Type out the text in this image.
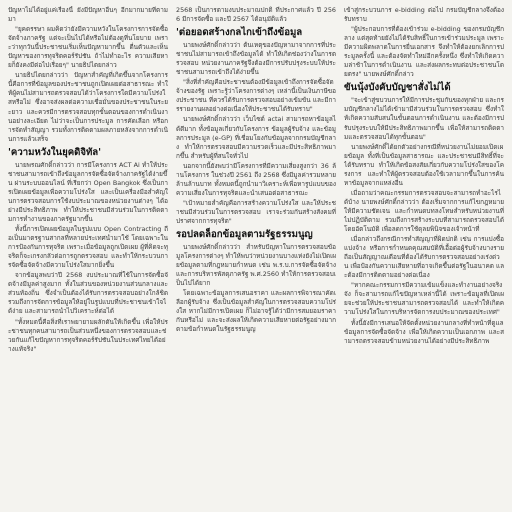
ปัญหาไม่ได้อยู่แค่เรื่องนี้ ยังมีปัญหาอื่นๆ อีกมากมายที่ตามมา

"ยุคดรรษา ผมคิดว่ายังมีความหวังในโครงการการจัดซื้อจัดจ้างภาครัฐ แต่จะเป็นไปได้หรือไม่ต้องดูที่นโยบาย เพราะว่าทุกวันนี้ประชาชนเริ่มเห็นปัญหามากขึ้น ตื่นตัวและเห็นปัญหาของการทุจริตคอร์รัปชัน ถ้าไม่ทำอะไร ความเสียหายก็ยังคงมีต่อไปเรื่อยๆ" นายธิปไตยกล่าว

นายธิปไตยกล่าวว่า ปัญหาสำคัญที่เกิดขึ้นจากโครงการนี้คือการที่ข้อมูลของประชาชนถูกเปิดเผยต่อสาธารณะ ทำให้ผู้คนไม่สามารถตรวจสอบได้ว่าโครงการใดมีความโปร่งใสหรือไม่ ซึ่งอาจส่งผลต่อความเชื่อมั่นของประชาชนในระยะยาว และควรมีการตรวจสอบทุกขั้นตอนของการดำเนินงานอย่างละเอียด ไม่ว่าจะเป็นการประมูล การคัดเลือก หรือการจัดทำสัญญา รวมทั้งการติดตามผลภายหลังจากการดำเนินการแล้วเสร็จ

'ความหวังในยุคดิจิทัล'

นายพรณศักดิ์กล่าวว่า การมีโครงการ ACT Ai ทำให้ประชาชนสามารถเข้าถึงข้อมูลการจัดซื้อจัดจ้างภาครัฐได้ง่ายขึ้น ผ่านระบบออนไลน์ ที่เรียกว่า Open Bangkok ซึ่งเป็นการเปิดเผยข้อมูลเพื่อความโปร่งใส และเป็นเครื่องมือสำคัญในการตรวจสอบการใช้งบประมาณของหน่วยงานต่างๆ ได้อย่างมีประสิทธิภาพ ทำให้ประชาชนมีส่วนร่วมในการติดตามการทำงานของภาครัฐมากขึ้น

ทั้งนี้การเปิดเผยข้อมูลในรูปแบบ Open Contracting ถือเป็นมาตรฐานสากลที่หลายประเทศนำมาใช้ โดยเฉพาะในการป้องกันการทุจริต เพราะเมื่อข้อมูลถูกเปิดเผย ผู้ที่คิดจะทุจริตก็จะเกรงกลัวต่อการถูกตรวจสอบ และทำให้กระบวนการจัดซื้อจัดจ้างมีความโปร่งใสมากยิ่งขึ้น

จากข้อมูลพบว่าปี 2568 งบประมาณที่ใช้ในการจัดซื้อจัดจ้างมีมูลค่าสูงมาก ทั้งในส่วนของหน่วยงานส่วนกลางและส่วนท้องถิ่น ซึ่งจำเป็นต้องได้รับการตรวจสอบอย่างใกล้ชิด รวมถึงการจัดการข้อมูลให้อยู่ในรูปแบบที่ประชาชนเข้าใจได้ง่าย และสามารถนำไปวิเคราะห์ต่อได้

"ทั้งหมดนี้คือสิ่งที่เราพยายามผลักดันให้เกิดขึ้น เพื่อให้ประชาชนทุกคนสามารถเป็นส่วนหนึ่งของการตรวจสอบและช่วยกันแก้ไขปัญหาการทุจริตคอร์รัปชันในประเทศไทยได้อย่างแท้จริง"

2568 เป็นการตามงบประมาณปกติ ที่ประกาศแล้ว ปี 2566 มีการจัดซื้อ และปี 2567 ได้อนุมัติแล้ว

'ต่อยอดสร้างกลไกเข้าถึงข้อมูล

นายพงษ์ศักดิ์กล่าวว่า ต้นเหตุของปัญหามาจากการที่ประชาชนไม่สามารถเข้าถึงข้อมูลได้ ทำให้เกิดช่องว่างในการตรวจสอบ หน่วยงานภาครัฐจึงต้องมีการปรับปรุงระบบให้ประชาชนสามารถเข้าถึงได้ง่ายขึ้น

"สิ่งที่สำคัญคือประชาชนต้องมีข้อมูลเข้าถึงการจัดซื้อจัดจ้างของรัฐ เพราะรู้ว่าโครงการต่างๆ เหล่านี้เป็นเงินภาษีของประชาชน ที่ควรได้รับการตรวจสอบอย่างเข้มข้น และมีการรายงานผลอย่างต่อเนื่องให้ประชาชนได้รับทราบ"

นายพงษ์ศักดิ์กล่าวว่า เว็บไซต์ actai สามารถหาข้อมูลได้ดีมาก ทั้งข้อมูลเกี่ยวกับโครงการ ข้อมูลผู้รับจ้าง และข้อมูลการประมูล (e-GP) ที่เชื่อมโยงกับข้อมูลจากกรมบัญชีกลาง ทำให้การตรวจสอบมีความรวดเร็วและมีประสิทธิภาพมากขึ้น สำหรับผู้ที่สนใจทั่วไป

นอกจากนี้ยังพบว่ามีโครงการที่มีความเสี่ยงสูงกว่า 36 ล้านโครงการ ในช่วงปี 2561 ถึง 2568 ซึ่งมีมูลค่ารวมหลายล้านล้านบาท ทั้งหมดนี้ถูกนำมาวิเคราะห์เพื่อหารูปแบบของความเสี่ยงในการทุจริตและนำเสนอต่อสาธารณะ

"เป้าหมายสำคัญคือการสร้างความโปร่งใส และให้ประชาชนมีส่วนร่วมในการตรวจสอบ เราจะร่วมกันสร้างสังคมที่ปราศจากการทุจริต"

รอปลดล็อกข้อมูลตามรัฐธรรมนูญ

นายพงษ์ศักดิ์กล่าวว่า สำหรับปัญหาในการตรวจสอบข้อมูลโครงการต่างๆ ทำให้พบว่าหน่วยงานบางแห่งยังไม่เปิดเผยข้อมูลตามที่กฎหมายกำหนด เช่น พ.ร.บ.การจัดซื้อจัดจ้างและการบริหารพัสดุภาครัฐ พ.ศ.2560 ทำให้การตรวจสอบเป็นไปได้ยาก

โดยเฉพาะข้อมูลการเสนอราคา และผลการพิจารณาคัดเลือกผู้รับจ้าง ซึ่งเป็นข้อมูลสำคัญในการตรวจสอบความโปร่งใส หากไม่มีการเปิดเผย ก็ไม่อาจรู้ได้ว่ามีการสมยอมราคากันหรือไม่ และจะส่งผลให้เกิดความเสียหายต่อรัฐอย่างมาก ตามข้อกำหนดในรัฐธรรมนูญ

เข้าสู่กระบวนการ e-bidding ต่อไป กรมบัญชีกลางจึงต้องรับทราบ

"ผู้ประกอบการที่ต้องเข้าร่วม e-bidding ของกรมบัญชีกลาง แต่สุดท้ายยังไม่ได้รับสิทธิ์ในการเข้าร่วมประมูล เพราะมีความผิดพลาดในการยื่นเอกสาร จึงทำให้ต้องยกเลิกการประมูลครั้งนี้ และต้องจัดทำใหม่อีกครั้งหนึ่ง ซึ่งทำให้เกิดความล่าช้าในการดำเนินงาน และส่งผลกระทบต่อประชาชนโดยตรง" นายพงษ์ศักดิ์กล่าว

ขันนุ้งบังคับบัญชาสั่งไม่ได้

"จะเข้าสู่ขบวนการให้มีการประชุมกันของทุกฝ่าย และกรมบัญชีกลางไม่ได้เข้ามามีส่วนร่วมในการตรวจสอบ ซึ่งทำให้เกิดความสับสนในขั้นตอนการดำเนินงาน และต้องมีการปรับปรุงระบบให้มีประสิทธิภาพมากขึ้น เพื่อให้สามารถติดตามและตรวจสอบได้ทุกขั้นตอน"

นายพงษ์ศักดิ์ได้ยกตัวอย่างกรณีที่หน่วยงานไม่ยอมเปิดเผยข้อมูล ทั้งที่เป็นข้อมูลสาธารณะ และประชาชนมีสิทธิ์ที่จะได้รับทราบ ทำให้เกิดข้อสงสัยเกี่ยวกับความโปร่งใสของโครงการ และทำให้ผู้ตรวจสอบต้องใช้เวลามากขึ้นในการค้นหาข้อมูลจากแหล่งอื่น

เมื่อถามว่าคณะกรรมการตรวจสอบจะสามารถทำอะไรได้บ้าง นายพงษ์ศักดิ์กล่าวว่า ต้องเริ่มจากการแก้ไขกฎหมายให้มีความชัดเจน และกำหนดบทลงโทษสำหรับหน่วยงานที่ไม่ปฏิบัติตาม รวมถึงการสร้างระบบที่สามารถตรวจสอบได้โดยอัตโนมัติ เพื่อลดการใช้ดุลยพินิจของเจ้าหน้าที่

เมื่อกล่าวถึงกรณีการทำสัญญาที่ผิดปกติ เช่น การแบ่งซื้อแบ่งจ้าง หรือการกำหนดคุณสมบัติที่เอื้อต่อผู้รับจ้างบางราย ถือเป็นสัญญาณเตือนที่ต้องได้รับการตรวจสอบอย่างเร่งด่วน เพื่อป้องกันความเสียหายที่อาจเกิดขึ้นต่อรัฐในอนาคต และต้องมีการติดตามอย่างต่อเนื่อง

"หากคณะกรรมการมีความเข้มแข็งและทำงานอย่างจริงจัง ก็จะสามารถแก้ไขปัญหาเหล่านี้ได้ เพราะข้อมูลที่เปิดเผยจะช่วยให้ประชาชนสามารถตรวจสอบได้ และทำให้เกิดความโปร่งใสในการบริหารจัดการงบประมาณของประเทศ"

ทั้งนี้ยังมีการเสนอให้จัดตั้งหน่วยงานกลางที่ทำหน้าที่ดูแลข้อมูลการจัดซื้อจัดจ้าง เพื่อให้เกิดความเป็นเอกภาพ และสามารถตรวจสอบข้ามหน่วยงานได้อย่างมีประสิทธิภาพ
